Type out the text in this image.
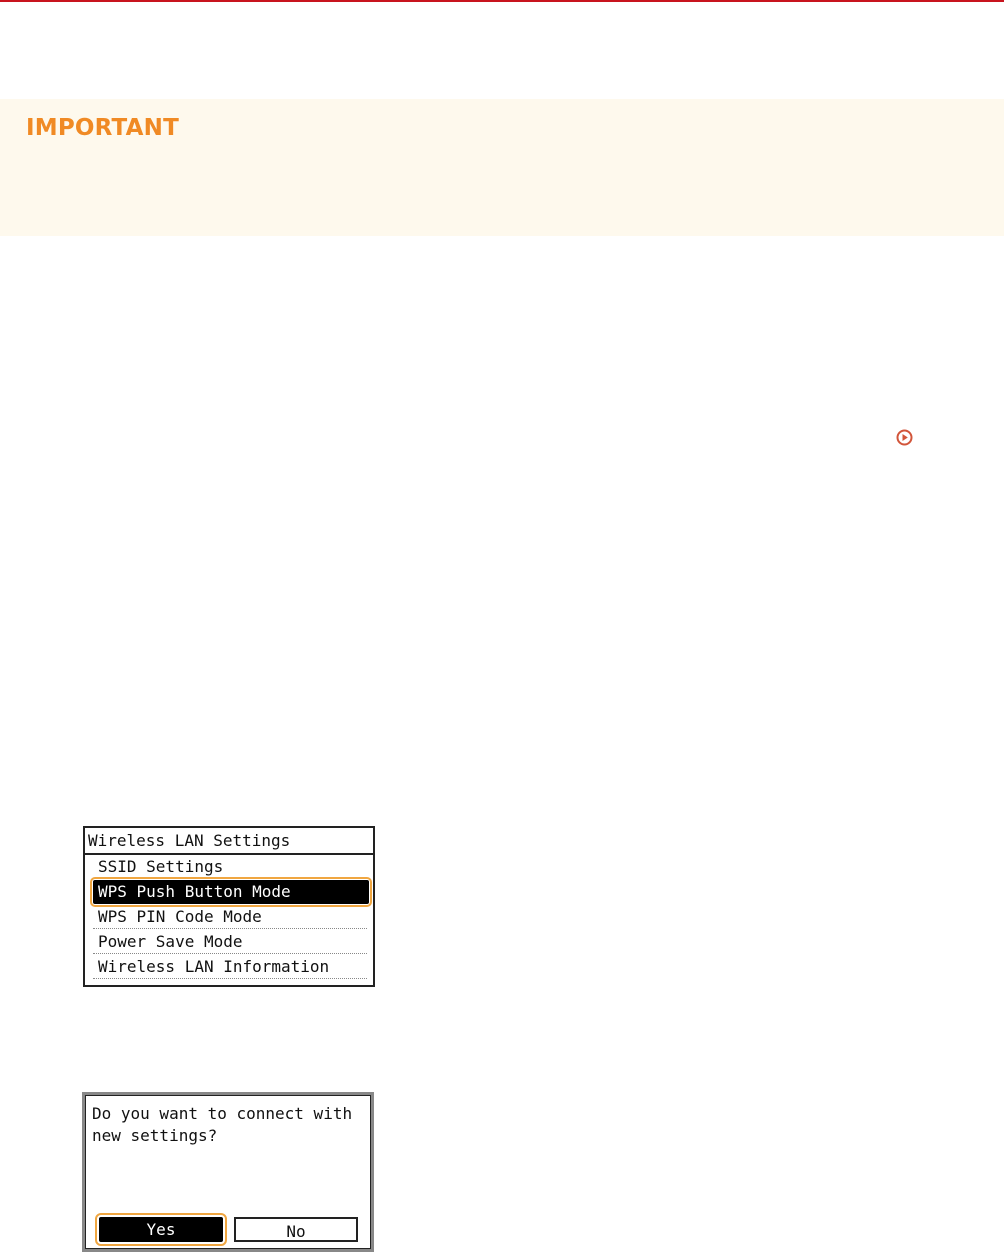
IMPORTANT
Wireless LAN Settings
SSID Settings
WPS Push Button Mode
WPS PIN Code Mode
Power Save Mode
Wireless LAN Information
Do you want to connect with
new settings?
Yes	No
